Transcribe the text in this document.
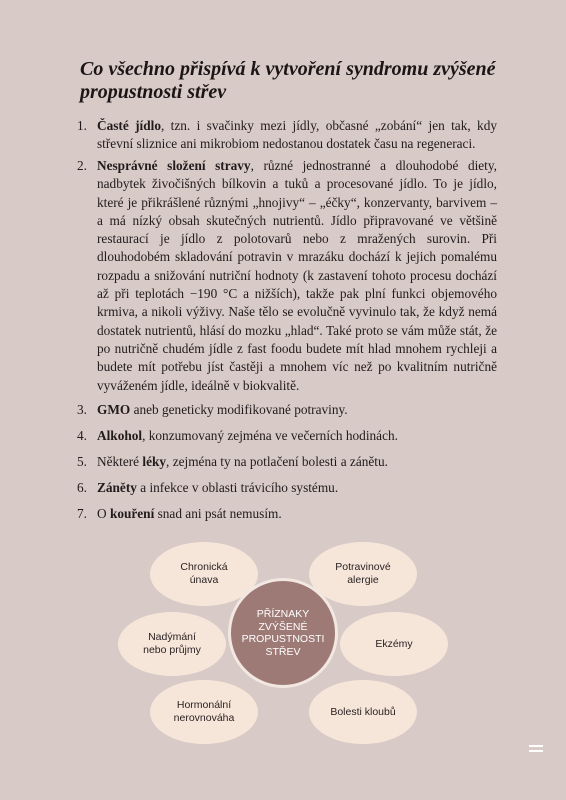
Co všechno přispívá k vytvoření syndromu zvýšené propustnosti střev
1. Časté jídlo, tzn. i svačinky mezi jídly, občasné „zobání“ jen tak, kdy střevní sliznice ani mikrobiom nedostanou dostatek času na regeneraci.
2. Nesprávné složení stravy, různé jednostranné a dlouhodobé diety, nadbytek živočišných bílkovin a tuků a procesované jídlo. To je jídlo, které je přikrášlené různými „hnojivy“ – „éčky“, konzervanty, barvivem – a má nízký obsah skutečných nutrientů. Jídlo připravované ve většině restaurací je jídlo z polotovarů nebo z mražených surovin. Při dlouhodobém skladování potravin v mrazáku dochází k jejich pomalému rozpadu a snižování nutriční hodnoty (k zastavení tohoto procesu dochází až při teplotách −190 °C a nižších), takže pak plní funkci objemového krmiva, a nikoli výživy. Naše tělo se evolučně vyvinulo tak, že když nemá dostatek nutrientů, hlásí do mozku „hlad“. Také proto se vám může stát, že po nutričně chudém jídle z fast foodu budete mít hlad mnohem rychleji a budete mít potřebu jíst častěji a mnohem víc než po kvalitním nutričně vyváženém jídle, ideálně v biokvalitě.
3. GMO aneb geneticky modifikované potraviny.
4. Alkohol, konzumovaný zejména ve večerních hodinách.
5. Některé léky, zejména ty na potlačení bolesti a zánětu.
6. Záněty a infekce v oblasti trávicího systému.
7. O kouření snad ani psát nemusím.
Chronická
únava
Potravinové
alergie
Nadýmání
nebo průjmy
Ekzémy
Hormonální
nerovnováha
Bolesti kloubů
PŘÍZNAKY ZVÝŠENÉ PROPUSTNOSTI STŘEV
